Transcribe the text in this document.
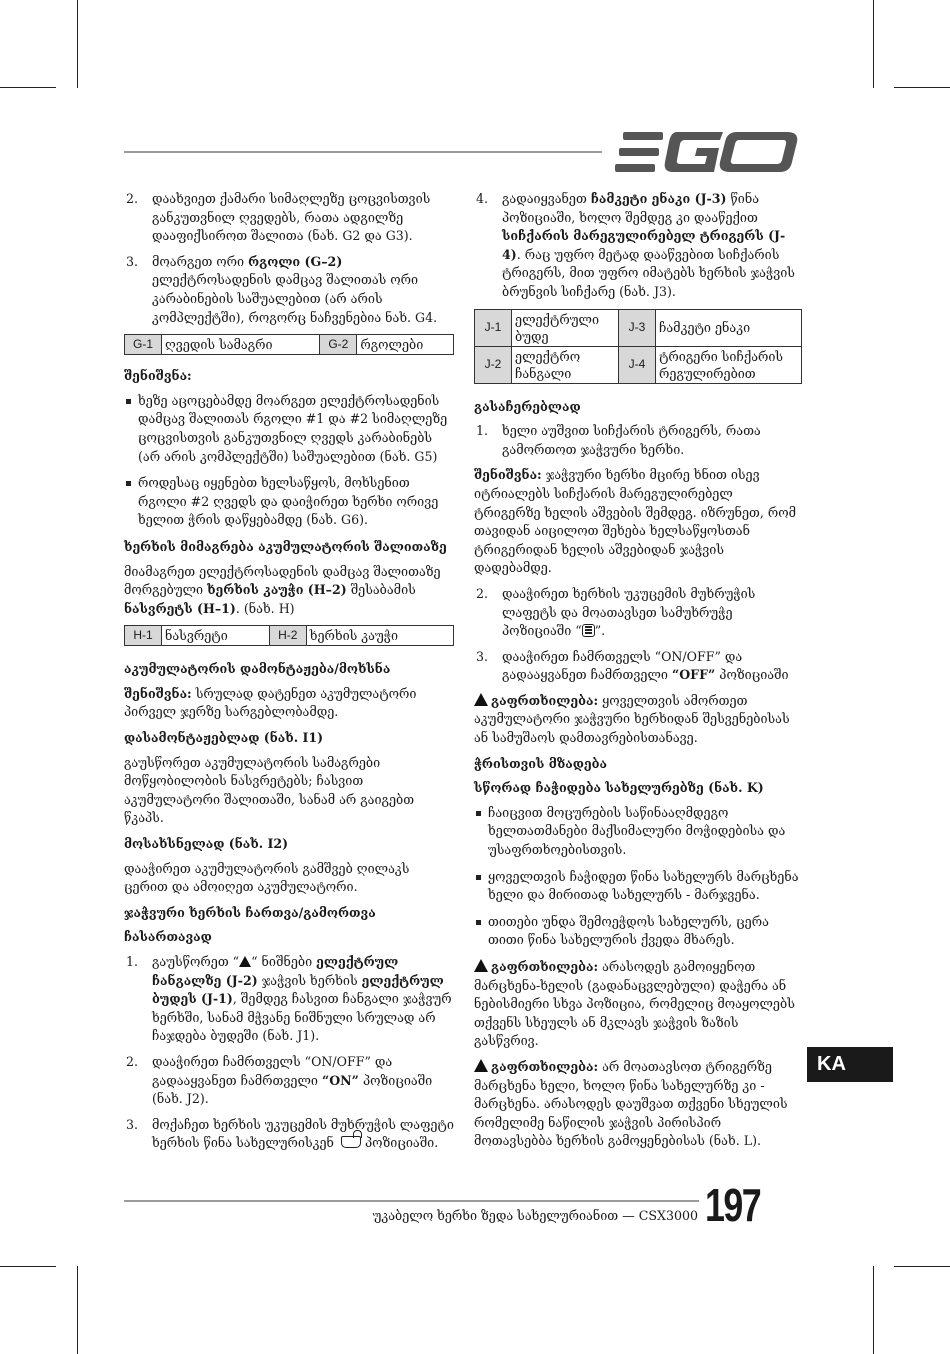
2. დაახვიეთ ქამარი სიმაღლეზე ცოცვისთვის განკუთვნილ ღვედებს, რათა ადგილზე დააფიქსიროთ შალითა (ნახ. G2 და G3).
3. მოარგეთ ორი რგოლი (G–2) ელექტროსადენის დამცავ შალითას ორი კარაბინების საშუალებით (არ არის კომპლექტში), როგორც ნაჩვენებია ნახ. G4.
G-1	ღვედის სამაგრი	G-2	რგოლები
შენიშვნა:
ხეზე აცოცებამდე მოარგეთ ელექტროსადენის დამცავ შალითას რგოლი #1 და #2 სიმაღლეზე ცოცვისთვის განკუთვნილ ღვედს კარაბინებს (არ არის კომპლექტში) საშუალებით (ნახ. G5)
როდესაც იყენებთ ხელსაწყოს, მოხსენით რგოლი #2 ღვედს და დაიჭირეთ ხერხი ორივე ხელით ჭრის დაწყებამდე (ნახ. G6).
ხერხის მიმაგრება აკუმულატორის შალითაზე
მიამაგრეთ ელექტროსადენის დამცავ შალითაზე მორგებული ხერხის კაუჭი (H–2) შესაბამის ნასვრეტს (H–1). (ნახ. H)
H-1	ნასვრეტი	H-2	ხერხის კაუჭი
აკუმულატორის დამონტაჟება/მოხსნა
შენიშვნა: სრულად დატენეთ აკუმულატორი პირველ ჯერზე სარგებლობამდე.
დასამონტაჟებლად (ნახ. I1)
გაუსწორეთ აკუმულატორის სამაგრები მოწყობილობის ნასვრეტებს; ჩასვით აკუმულატორი შალითაში, სანამ არ გაიგებთ წკაპს.
მოსახსნელად (ნახ. I2)
დააჭირეთ აკუმულატორის გამშვებ ღილაკს ცერით და ამოიღეთ აკუმულატორი.
ჯაჭვური ხერხის ჩართვა/გამორთვა
ჩასართავად
1. გაუსწორეთ “ “ ნიშნები ელექტრულ ჩანგალზე (J-2) ჯაჭვის ხერხის ელექტრულ ბუდეს (J-1), შემდეგ ჩასვით ჩანგალი ჯაჭვურ ხერხში, სანამ მჭვანე ნიშნული სრულად არ ჩაჯდება ბუდეში (ნახ. J1).
2. დააჭირეთ ჩამრთველს “ON/OFF” და გადააყვანეთ ჩამრთველი “ON” პოზიციაში (ნახ. J2).
3. მოქაჩეთ ხერხის უკუცემის მუხრუჭის ლაფეტი ხერხის წინა სახელურისკენ  პოზიციაში.
4. გადაიყვანეთ ჩამკეტი ენაკი (J-3) წინა პოზიციაში, ხოლო შემდეგ კი დააწექით სიჩქარის მარეგულირებელ ტრიგერს (J-4). რაც უფრო მეტად დააწვებით სიჩქარის ტრიგერს, მით უფრო იმატებს ხერხის ჯაჭვის ბრუნვის სიჩქარე (ნახ. J3).
J-1	ელექტრული ბუდე	J-3	ჩამკეტი ენაკი
J-2	ელექტრო ჩანგალი	J-4	ტრიგერი სიჩქარის რეგულირებით
გასაჩერებლად
1. ხელი აუშვით სიჩქარის ტრიგერს, რათა გამორთოთ ჯაჭვური ხერხი.
შენიშვნა: ჯაჭვური ხერხი მცირე ხნით ისევ იტრიალებს სიჩქარის მარეგულირებელ ტრიგერზე ხელის აშვების შემდეგ. იზრუნეთ, რომ თავიდან აიცილოთ შეხება ხელსაწყოსთან ტრიგერიდან ხელის აშვებიდან ჯაჭვის დადებამდე.
2. დააჭირეთ ხერხის უკუცემის მუხრუჭის ლაფეტს და მოათავსეთ სამუხრუჭე პოზიციაში “ ”.
3. დააჭირეთ ჩამრთველს “ON/OFF” და გადააყვანეთ ჩამრთველი “OFF” პოზიციაში
გაფრთხილება: ყოველთვის ამორთეთ აკუმულატორი ჯაჭვური ხერხიდან შესვენებისას ან სამუშაოს დამთავრებისთანავე.
ჭრისთვის მზადება
სწორად ჩაჭიდება სახელურებზე (ნახ. K)
ჩაიცვით მოცურების საწინააღმდეგო ხელთათმანები მაქსიმალური მოჭიდებისა და უსაფრთხოებისთვის.
ყოველთვის ჩაჭიდეთ წინა სახელურს მარცხენა ხელი და მირითად სახელურს - მარჯვენა.
თითები უნდა შემოეჭდოს სახელურს, ცერა თითი წინა სახელურის ქვედა მხარეს.
გაფრთხილება: არასოდეს გამოიყენოთ მარცხენა-ხელის (გადანაცვლებული) დაჭერა ან ნებისმიერი სხვა პოზიცია, რომელიც მოაყოლებს თქვენს სხეულს ან მკლავს ჯაჭვის ზაზის გასწვრივ.
გაფრთხილება: არ მოათავსოთ ტრიგერზე მარცხენა ხელი, ხოლო წინა სახელურზე კი - მარცხენა. არასოდეს დაუშვათ თქვენი სხეულის რომელიმე ნაწილის ჯაჭვის პირისპირ მოთავსებბა ხერხის გამოყენებისას (ნახ. L).
KA
უკაბელო ხერხი ზედა სახელურიანით — CSX3000 197
